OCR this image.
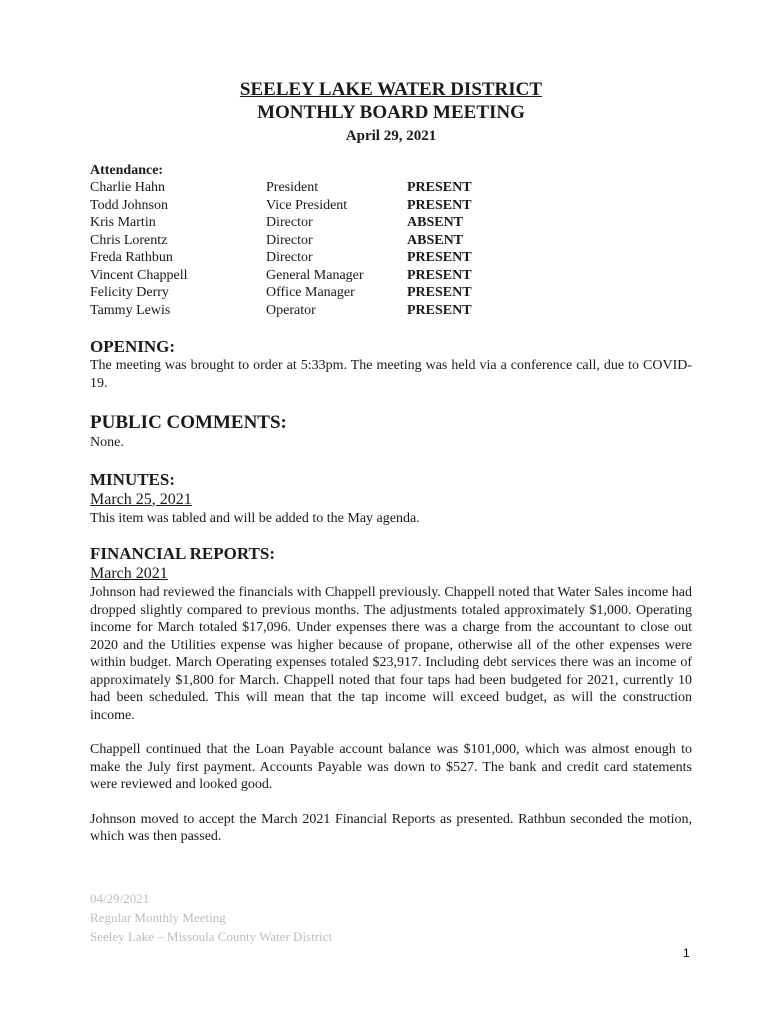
SEELEY LAKE WATER DISTRICT
MONTHLY BOARD MEETING
April 29, 2021
Attendance:
Charlie Hahn	President	PRESENT
Todd Johnson	Vice President	PRESENT
Kris Martin	Director	ABSENT
Chris Lorentz	Director	ABSENT
Freda Rathbun	Director	PRESENT
Vincent Chappell	General Manager	PRESENT
Felicity Derry	Office Manager	PRESENT
Tammy Lewis	Operator	PRESENT
OPENING:

The meeting was brought to order at 5:33pm. The meeting was held via a conference call, due to COVID-19.

PUBLIC COMMENTS:

None.

MINUTES:
March 25, 2021

This item was tabled and will be added to the May agenda.

FINANCIAL REPORTS:
March 2021

Johnson had reviewed the financials with Chappell previously. Chappell noted that Water Sales income had dropped slightly compared to previous months. The adjustments totaled approximately $1,000. Operating income for March totaled $17,096. Under expenses there was a charge from the accountant to close out 2020 and the Utilities expense was higher because of propane, otherwise all of the other expenses were within budget. March Operating expenses totaled $23,917. Including debt services there was an income of approximately $1,800 for March. Chappell noted that four taps had been budgeted for 2021, currently 10 had been scheduled. This will mean that the tap income will exceed budget, as will the construction income.

Chappell continued that the Loan Payable account balance was $101,000, which was almost enough to make the July first payment. Accounts Payable was down to $527. The bank and credit card statements were reviewed and looked good.

Johnson moved to accept the March 2021 Financial Reports as presented. Rathbun seconded the motion, which was then passed.

04/29/2021
Regular Monthly Meeting
Seeley Lake – Missoula County Water District
1
